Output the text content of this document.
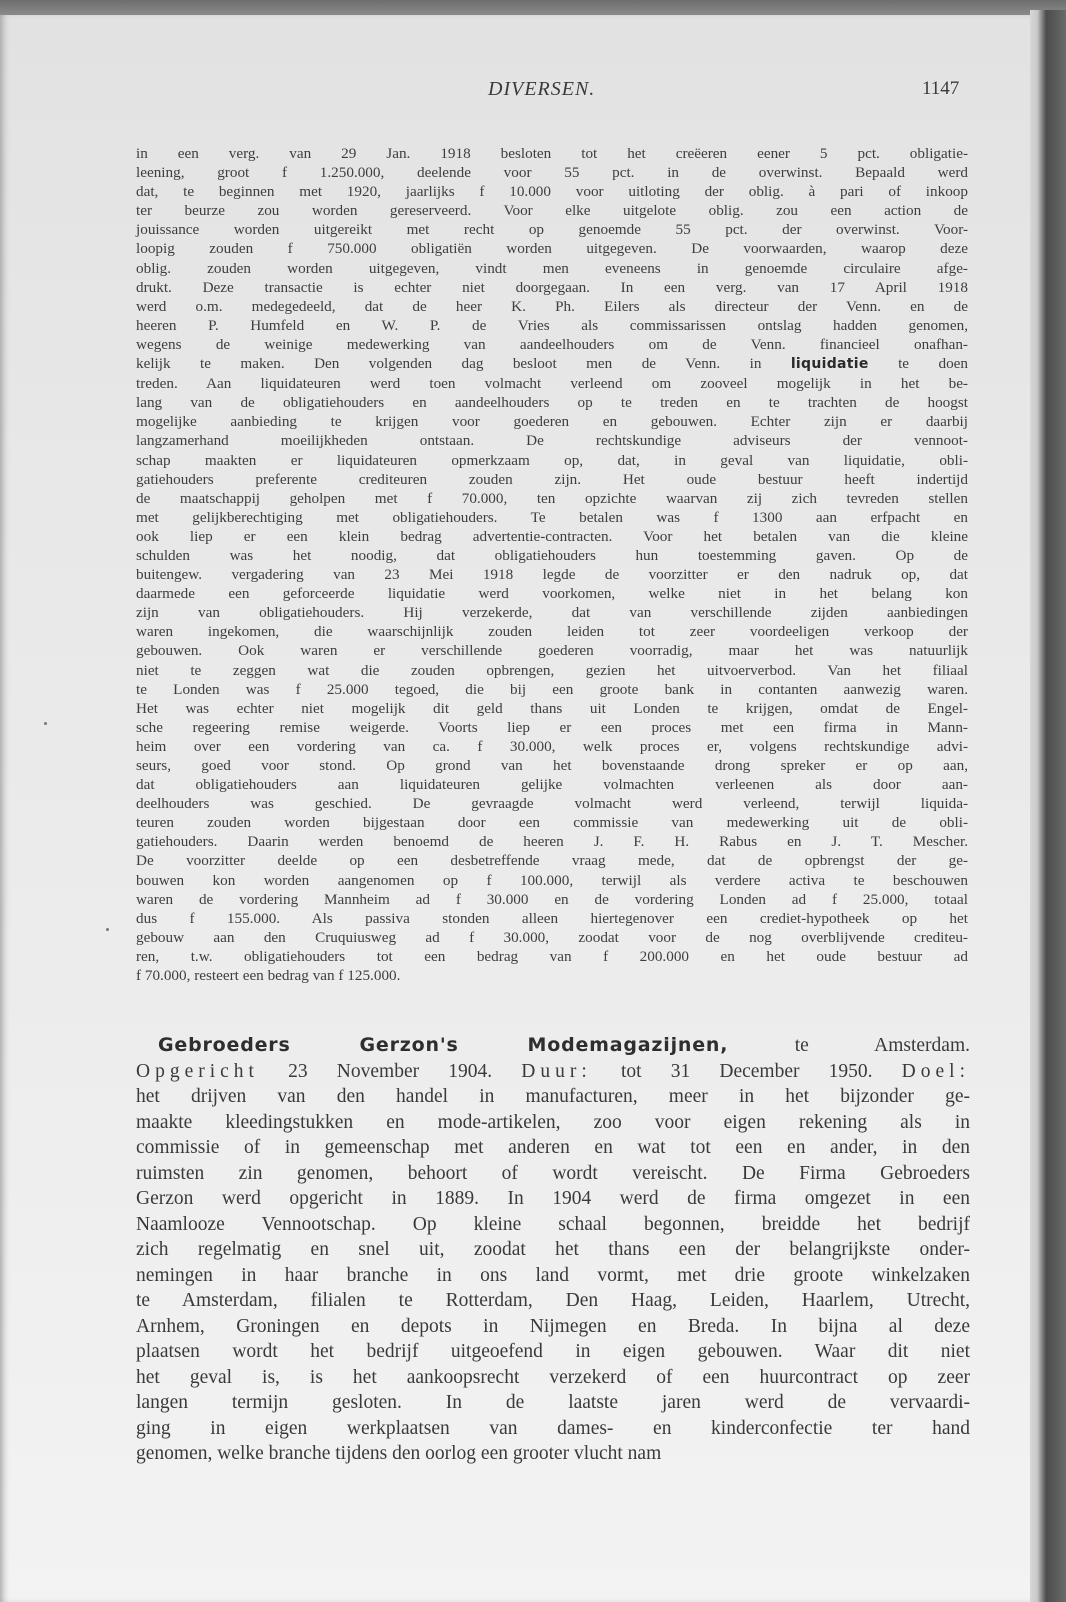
DIVERSEN.	1147
in een verg. van 29 Jan. 1918 besloten tot het creëeren eener 5 pct. obligatie-
leening, groot f 1.250.000, deelende voor 55 pct. in de overwinst. Bepaald werd
dat, te beginnen met 1920, jaarlijks f 10.000 voor uitloting der oblig. à pari of inkoop
ter beurze zou worden gereserveerd. Voor elke uitgelote oblig. zou een action de
jouissance worden uitgereikt met recht op genoemde 55 pct. der overwinst. Voor-
loopig zouden f 750.000 obligatiën worden uitgegeven. De voorwaarden, waarop deze
oblig. zouden worden uitgegeven, vindt men eveneens in genoemde circulaire afge-
drukt. Deze transactie is echter niet doorgegaan. In een verg. van 17 April 1918
werd o.m. medegedeeld, dat de heer K. Ph. Eilers als directeur der Venn. en de
heeren P. Humfeld en W. P. de Vries als commissarissen ontslag hadden genomen,
wegens de weinige medewerking van aandeelhouders om de Venn. financieel onafhan-
kelijk te maken. Den volgenden dag besloot men de Venn. in liquidatie te doen
treden. Aan liquidateuren werd toen volmacht verleend om zooveel mogelijk in het be-
lang van de obligatiehouders en aandeelhouders op te treden en te trachten de hoogst
mogelijke aanbieding te krijgen voor goederen en gebouwen. Echter zijn er daarbij
langzamerhand moeilijkheden ontstaan. De rechtskundige adviseurs der vennoot-
schap maakten er liquidateuren opmerkzaam op, dat, in geval van liquidatie, obli-
gatiehouders preferente crediteuren zouden zijn. Het oude bestuur heeft indertijd
de maatschappij geholpen met f 70.000, ten opzichte waarvan zij zich tevreden stellen
met gelijkberechtiging met obligatiehouders. Te betalen was f 1300 aan erfpacht en
ook liep er een klein bedrag advertentie-contracten. Voor het betalen van die kleine
schulden was het noodig, dat obligatiehouders hun toestemming gaven. Op de
buitengew. vergadering van 23 Mei 1918 legde de voorzitter er den nadruk op, dat
daarmede een geforceerde liquidatie werd voorkomen, welke niet in het belang kon
zijn van obligatiehouders. Hij verzekerde, dat van verschillende zijden aanbiedingen
waren ingekomen, die waarschijnlijk zouden leiden tot zeer voordeeligen verkoop der
gebouwen. Ook waren er verschillende goederen voorradig, maar het was natuurlijk
niet te zeggen wat die zouden opbrengen, gezien het uitvoerverbod. Van het filiaal
te Londen was f 25.000 tegoed, die bij een groote bank in contanten aanwezig waren.
Het was echter niet mogelijk dit geld thans uit Londen te krijgen, omdat de Engel-
sche regeering remise weigerde. Voorts liep er een proces met een firma in Mann-
heim over een vordering van ca. f 30.000, welk proces er, volgens rechtskundige advi-
seurs, goed voor stond. Op grond van het bovenstaande drong spreker er op aan,
dat obligatiehouders aan liquidateuren gelijke volmachten verleenen als door aan-
deelhouders was geschied. De gevraagde volmacht werd verleend, terwijl liquida-
teuren zouden worden bijgestaan door een commissie van medewerking uit de obli-
gatiehouders. Daarin werden benoemd de heeren J. F. H. Rabus en J. T. Mescher.
De voorzitter deelde op een desbetreffende vraag mede, dat de opbrengst der ge-
bouwen kon worden aangenomen op f 100.000, terwijl als verdere activa te beschouwen
waren de vordering Mannheim ad f 30.000 en de vordering Londen ad f 25.000, totaal
dus f 155.000. Als passiva stonden alleen hiertegenover een crediet-hypotheek op het
gebouw aan den Cruquiusweg ad f 30.000, zoodat voor de nog overblijvende crediteu-
ren, t.w. obligatiehouders tot een bedrag van f 200.000 en het oude bestuur ad
f 70.000, resteert een bedrag van f 125.000.
Gebroeders Gerzon's Modemagazijnen, te Amsterdam.
Opgericht 23 November 1904. Duur: tot 31 December 1950. Doel:
het drijven van den handel in manufacturen, meer in het bijzonder ge-
maakte kleedingstukken en mode-artikelen, zoo voor eigen rekening als in
commissie of in gemeenschap met anderen en wat tot een en ander, in den
ruimsten zin genomen, behoort of wordt vereischt. De Firma Gebroeders
Gerzon werd opgericht in 1889. In 1904 werd de firma omgezet in een
Naamlooze Vennootschap. Op kleine schaal begonnen, breidde het bedrijf
zich regelmatig en snel uit, zoodat het thans een der belangrijkste onder-
nemingen in haar branche in ons land vormt, met drie groote winkelzaken
te Amsterdam, filialen te Rotterdam, Den Haag, Leiden, Haarlem, Utrecht,
Arnhem, Groningen en depots in Nijmegen en Breda. In bijna al deze
plaatsen wordt het bedrijf uitgeoefend in eigen gebouwen. Waar dit niet
het geval is, is het aankoopsrecht verzekerd of een huurcontract op zeer
langen termijn gesloten. In de laatste jaren werd de vervaardi-
ging in eigen werkplaatsen van dames- en kinderconfectie ter hand
genomen, welke branche tijdens den oorlog een grooter vlucht nam
